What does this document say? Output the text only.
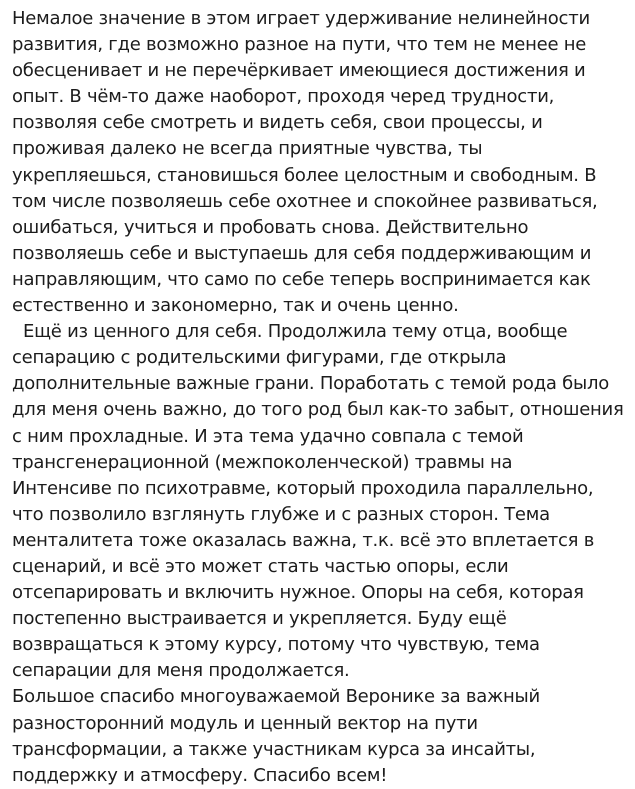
Немалое значение в этом играет удерживание нелинейности
развития, где возможно разное на пути, что тем не менее не
обесценивает и не перечёркивает имеющиеся достижения и
опыт. В чём-то даже наоборот, проходя черед трудности,
позволяя себе смотреть и видеть себя, свои процессы, и
проживая далеко не всегда приятные чувства, ты
укрепляешься, становишься более целостным и свободным. В
том числе позволяешь себе охотнее и спокойнее развиваться,
ошибаться, учиться и пробовать снова. Действительно
позволяешь себе и выступаешь для себя поддерживающим и
направляющим, что само по себе теперь воспринимается как
естественно и закономерно, так и очень ценно.
Ещё из ценного для себя. Продолжила тему отца, вообще
сепарацию с родительскими фигурами, где открыла
дополнительные важные грани. Поработать с темой рода было
для меня очень важно, до того род был как-то забыт, отношения
с ним прохладные. И эта тема удачно совпала с темой
трансгенерационной (межпоколенческой) травмы на
Интенсиве по психотравме, который проходила параллельно,
что позволило взглянуть глубже и с разных сторон. Тема
менталитета тоже оказалась важна, т.к. всё это вплетается в
сценарий, и всё это может стать частью опоры, если
отсепарировать и включить нужное. Опоры на себя, которая
постепенно выстраивается и укрепляется. Буду ещё
возвращаться к этому курсу, потому что чувствую, тема
сепарации для меня продолжается.
Большое спасибо многоуважаемой Веронике за важный
разносторонний модуль и ценный вектор на пути
трансформации, а также участникам курса за инсайты,
поддержку и атмосферу. Спасибо всем!
